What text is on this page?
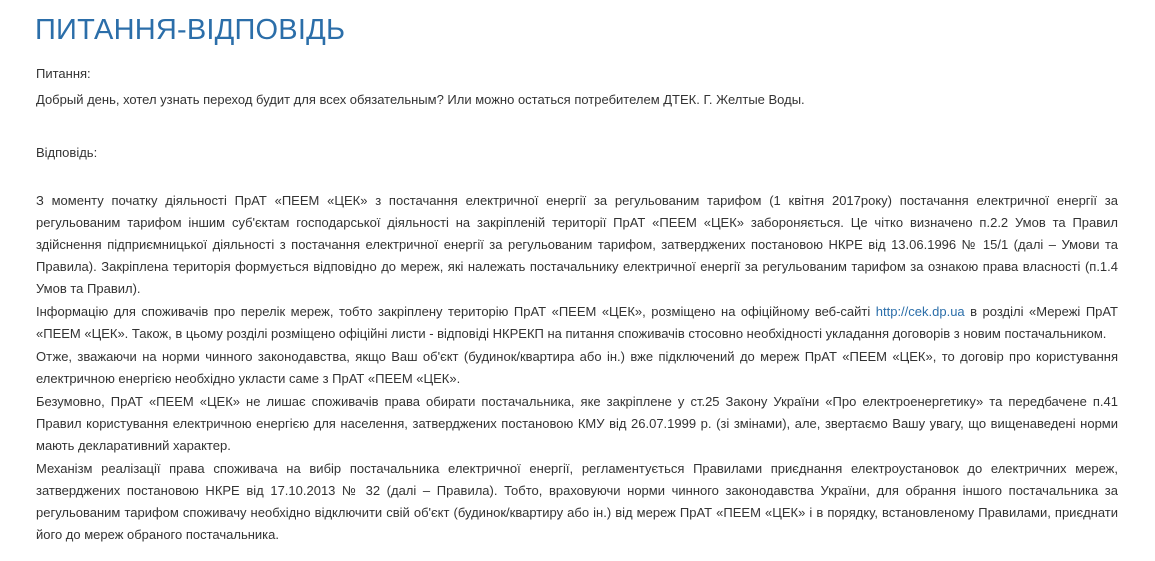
ПИТАННЯ-ВІДПОВІДЬ
Питання:
Добрый день, хотел узнать переход будит для всех обязательным? Или можно остаться потребителем ДТЕК. Г. Желтые Воды.
Відповідь:

З моменту початку діяльності ПрАТ «ПЕЕМ «ЦЕК» з постачання електричної енергії за регульованим тарифом (1 квітня 2017року) постачання електричної енергії за регульованим тарифом іншим суб'єктам господарської діяльності на закріпленій території ПрАТ «ПЕЕМ «ЦЕК» забороняється. Це чітко визначено п.2.2 Умов та Правил здійснення підприємницької діяльності з постачання електричної енергії за регульованим тарифом, затверджених постановою НКРЕ від 13.06.1996 № 15/1 (далі – Умови та Правила). Закріплена територія формується відповідно до мереж, які належать постачальнику електричної енергії за регульованим тарифом за ознакою права власності (п.1.4 Умов та Правил).

Інформацію для споживачів про перелік мереж, тобто закріплену територію ПрАТ «ПЕЕМ «ЦЕК», розміщено на офіційному веб-сайті http://cek.dp.ua в розділі «Мережі ПрАТ «ПЕЕМ «ЦЕК». Також, в цьому розділі розміщено офіційні листи - відповіді НКРЕКП на питання споживачів стосовно необхідності укладання договорів з новим постачальником.

Отже, зважаючи на норми чинного законодавства, якщо Ваш об'єкт (будинок/квартира або ін.) вже підключений до мереж ПрАТ «ПЕЕМ «ЦЕК», то договір про користування електричною енергією необхідно укласти саме з ПрАТ «ПЕЕМ «ЦЕК».

Безумовно, ПрАТ «ПЕЕМ «ЦЕК» не лишає споживачів права обирати постачальника, яке закріплене у ст.25 Закону України «Про електроенергетику» та передбачене п.41 Правил користування електричною енергією для населення, затверджених постановою КМУ від 26.07.1999 р. (зі змінами), але, звертаємо Вашу увагу, що вищенаведені норми мають декларативний характер.

Механізм реалізації права споживача на вибір постачальника електричної енергії, регламентується Правилами приєднання електроустановок до електричних мереж, затверджених постановою НКРЕ від 17.10.2013 № 32 (далі – Правила). Тобто, враховуючи норми чинного законодавства України, для обрання іншого постачальника за регульованим тарифом споживачу необхідно відключити свій об'єкт (будинок/квартиру або ін.) від мереж ПрАТ «ПЕЕМ «ЦЕК» і в порядку, встановленому Правилами, приєднати його до мереж обраного постачальника.
